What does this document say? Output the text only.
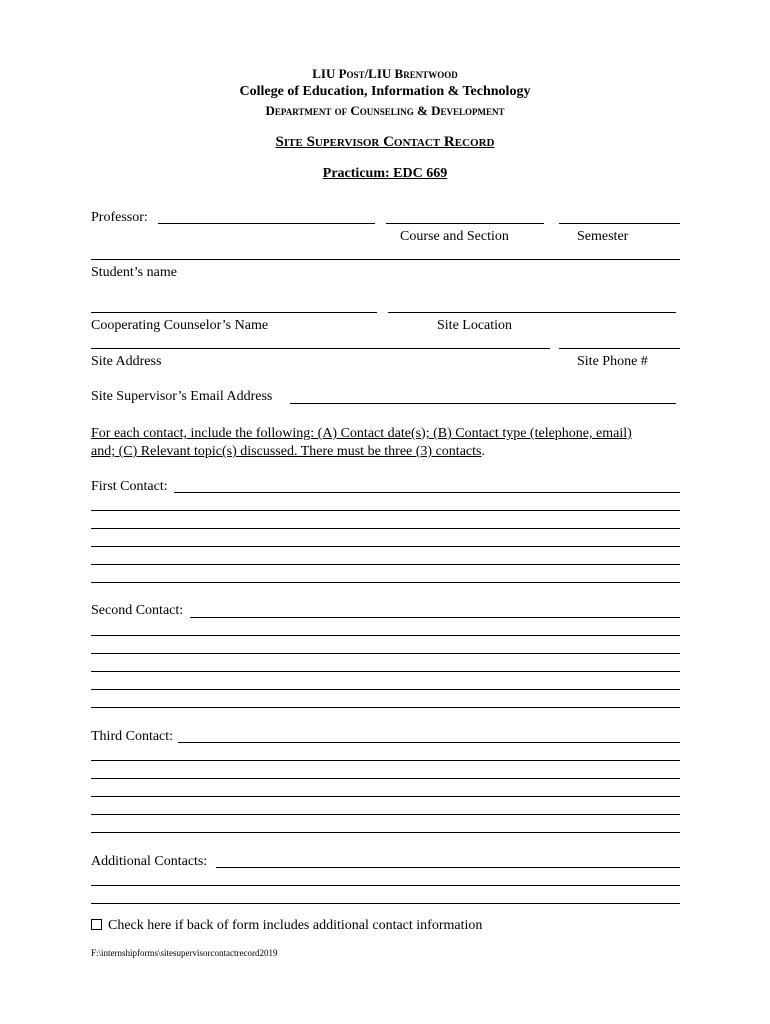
LIU Post/LIU Brentwood
College of Education, Information & Technology
Department of Counseling & Development
Site Supervisor Contact Record
Practicum: EDC 669
Professor:
Course and Section	Semester
Student’s name
Cooperating Counselor’s Name	Site Location
Site Address	Site Phone #
Site Supervisor’s Email Address
For each contact, include the following: (A) Contact date(s); (B) Contact type (telephone, email)
and; (C) Relevant topic(s) discussed. There must be three (3) contacts.
First Contact:
Second Contact:
Third Contact:
Additional Contacts:
Check here if back of form includes additional contact information
F:\internshipforms\sitesupervisorcontactrecord2019
